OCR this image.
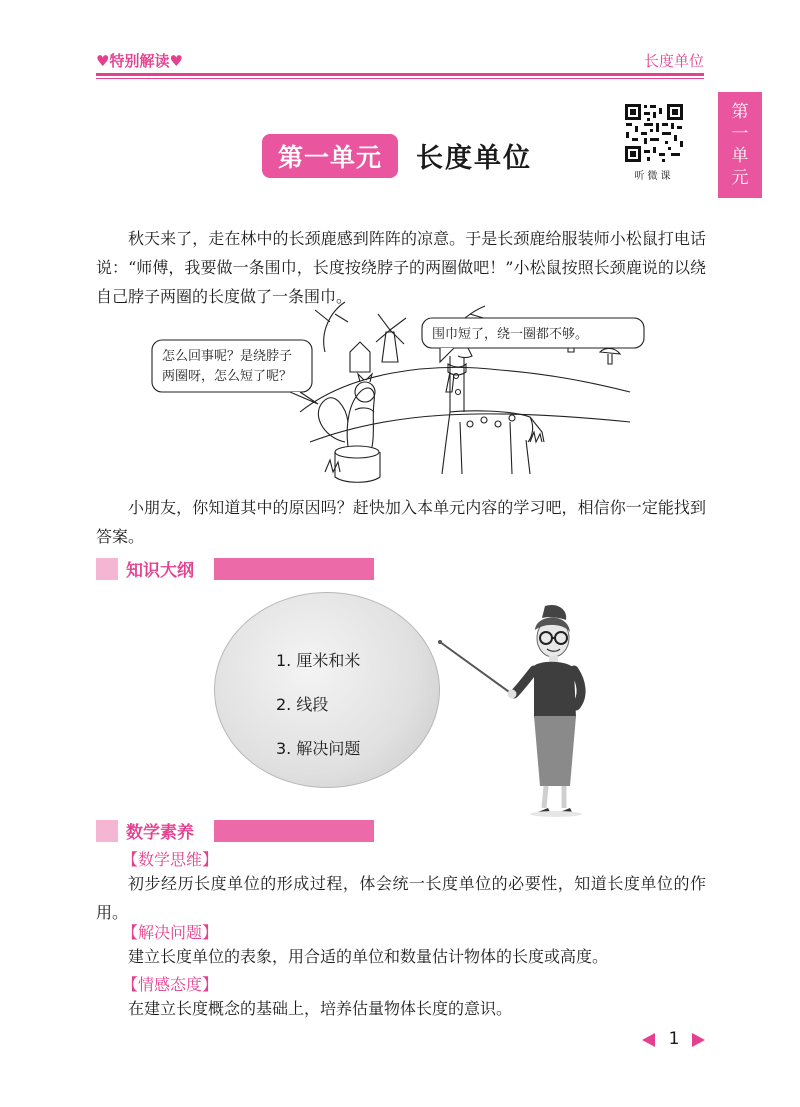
♥特别解读♥	长度单位
第
一
单
元
第一单元	长度单位
听微课
秋天来了，走在林中的长颈鹿感到阵阵的凉意。于是长颈鹿给服装师小松鼠打电话说：“师傅，我要做一条围巾，长度按绕脖子的两圈做吧！”小松鼠按照长颈鹿说的以绕自己脖子两圈的长度做了一条围巾。
怎么回事呢？是绕脖子
两圈呀，怎么短了呢？
围巾短了，绕一圈都不够。
小朋友，你知道其中的原因吗？赶快加入本单元内容的学习吧，相信你一定能找到答案。
知识大纲
1. 厘米和米
2. 线段
3. 解决问题
数学素养
【数学思维】
初步经历长度单位的形成过程，体会统一长度单位的必要性，知道长度单位的作用。
【解决问题】
建立长度单位的表象，用合适的单位和数量估计物体的长度或高度。
【情感态度】
在建立长度概念的基础上，培养估量物体长度的意识。
1
